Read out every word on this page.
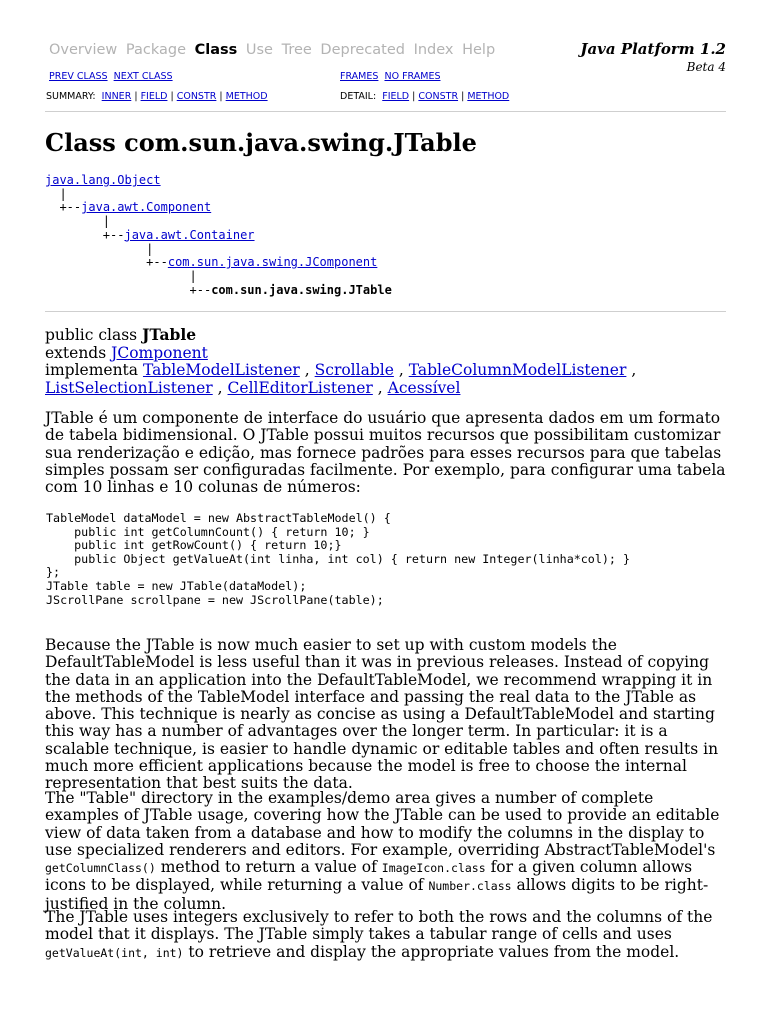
Overview Package Class Use Tree Deprecated Index Help	Java Platform 1.2
Beta 4
PREV CLASS NEXT CLASS	FRAMES NO FRAMES
SUMMARY: INNER | FIELD | CONSTR | METHOD	DETAIL: FIELD | CONSTR | METHOD
Class com.sun.java.swing.JTable
java.lang.Object
|
+--java.awt.Component
|
+--java.awt.Container
|
+--com.sun.java.swing.JComponent
|
+--com.sun.java.swing.JTable
public class JTable
extends JComponent
implementa TableModelListener , Scrollable , TableColumnModelListener ,
ListSelectionListener , CellEditorListener , Acessível
JTable é um componente de interface do usuário que apresenta dados em um formato de tabela bidimensional. O JTable possui muitos recursos que possibilitam customizar sua renderização e edição, mas fornece padrões para esses recursos para que tabelas simples possam ser configuradas facilmente. Por exemplo, para configurar uma tabela com 10 linhas e 10 colunas de números:
TableModel dataModel = new AbstractTableModel() {
public int getColumnCount() { return 10; }
public int getRowCount() { return 10;}
public Object getValueAt(int linha, int col) { return new Integer(linha*col); }
};
JTable table = new JTable(dataModel);
JScrollPane scrollpane = new JScrollPane(table);
Because the JTable is now much easier to set up with custom models the DefaultTableModel is less useful than it was in previous releases. Instead of copying the data in an application into the DefaultTableModel, we recommend wrapping it in the methods of the TableModel interface and passing the real data to the JTable as above. This technique is nearly as concise as using a DefaultTableModel and starting this way has a number of advantages over the longer term. In particular: it is a scalable technique, is easier to handle dynamic or editable tables and often results in much more efficient applications because the model is free to choose the internal representation that best suits the data.
The "Table" directory in the examples/demo area gives a number of complete examples of JTable usage, covering how the JTable can be used to provide an editable view of data taken from a database and how to modify the columns in the display to use specialized renderers and editors. For example, overriding AbstractTableModel's getColumnClass() method to return a value of ImageIcon.class for a given column allows icons to be displayed, while returning a value of Number.class allows digits to be right-justified in the column.
The JTable uses integers exclusively to refer to both the rows and the columns of the model that it displays. The JTable simply takes a tabular range of cells and uses getValueAt(int, int) to retrieve and display the appropriate values from the model.
